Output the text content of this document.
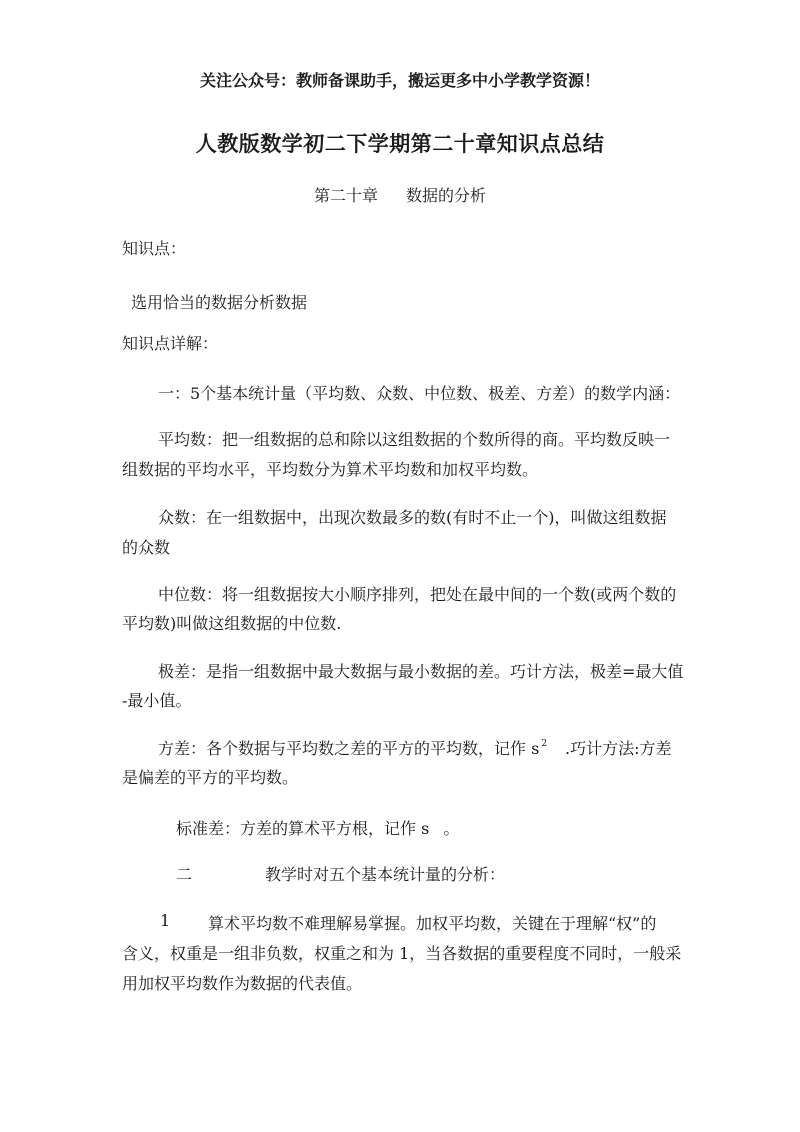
关注公众号：教师备课助手，搬运更多中小学教学资源！

人教版数学初二下学期第二十章知识点总结

第二十章 数据的分析

知识点：

选用恰当的数据分析数据

知识点详解：

一：5个基本统计量（平均数、众数、中位数、极差、方差）的数学内涵：

平均数：把一组数据的总和除以这组数据的个数所得的商。平均数反映一

组数据的平均水平，平均数分为算术平均数和加权平均数。

众数：在一组数据中，出现次数最多的数(有时不止一个)，叫做这组数据

的众数

中位数：将一组数据按大小顺序排列，把处在最中间的一个数(或两个数的

平均数)叫做这组数据的中位数.

极差：是指一组数据中最大数据与最小数据的差。巧计方法，极差=最大值

-最小值。

方差：各个数据与平均数之差的平方的平均数，记作 s $^2$ .巧计方法:方差

是偏差的平方的平均数。

标准差：方差的算术平方根，记作 s 。

二	教学时对五个基本统计量的分析：

1 算术平均数不难理解易掌握。加权平均数，关键在于理解“权”的

含义，权重是一组非负数，权重之和为 1，当各数据的重要程度不同时，一般采

用加权平均数作为数据的代表值。
